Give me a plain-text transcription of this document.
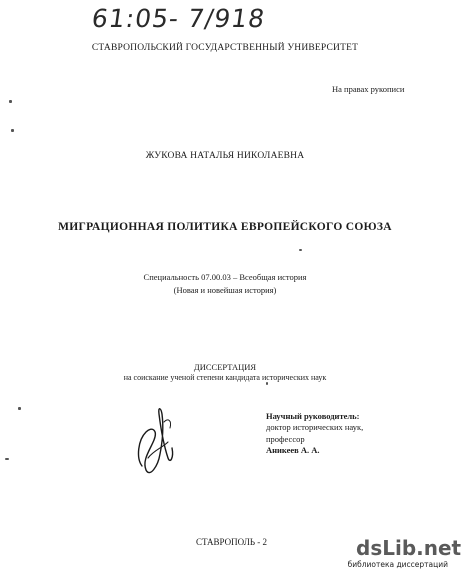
61:05- 7/918
СТАВРОПОЛЬСКИЙ ГОСУДАРСТВЕННЫЙ УНИВЕРСИТЕТ
На правах рукописи
ЖУКОВА НАТАЛЬЯ НИКОЛАЕВНА
МИГРАЦИОННАЯ ПОЛИТИКА ЕВРОПЕЙСКОГО СОЮЗА
Специальность 07.00.03 – Всеобщая история
(Новая и новейшая история)
ДИССЕРТАЦИЯ
на соискание ученой степени кандидата исторических наук
Научный руководитель:
доктор исторических наук,
профессор
Аникеев А. А.
СТАВРОПОЛЬ - 2	dsLib.net
библиотека диссертаций
